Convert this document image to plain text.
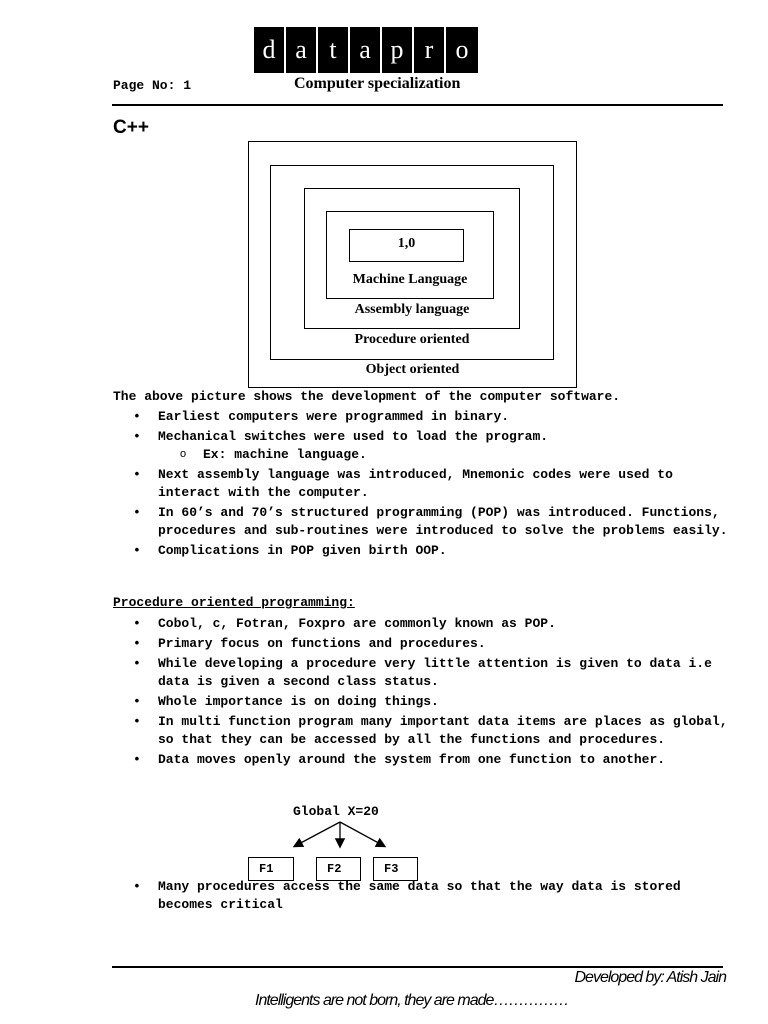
d a t a p r o
Page No: 1	Computer specialization
C++
1,0
Machine Language
Assembly language
Procedure oriented
Object oriented
The above picture shows the development of the computer software.
• Earliest computers were programmed in binary.
• Mechanical switches were used to load the program.
o Ex: machine language.
• Next assembly language was introduced, Mnemonic codes were used to interact with the computer.
• In 60’s and 70’s structured programming (POP) was introduced. Functions, procedures and sub-routines were introduced to solve the problems easily.
• Complications in POP given birth OOP.
Procedure oriented programming:
• Cobol, c, Fotran, Foxpro are commonly known as POP.
• Primary focus on functions and procedures.
• While developing a procedure very little attention is given to data i.e data is given a second class status.
• Whole importance is on doing things.
• In multi function program many important data items are places as global, so that they can be accessed by all the functions and procedures.
• Data moves openly around the system from one function to another.
Global X=20
F1	F2	F3
• Many procedures access the same data so that the way data is stored becomes critical
Developed by: Atish Jain
Intelligents are not born, they are made……………
